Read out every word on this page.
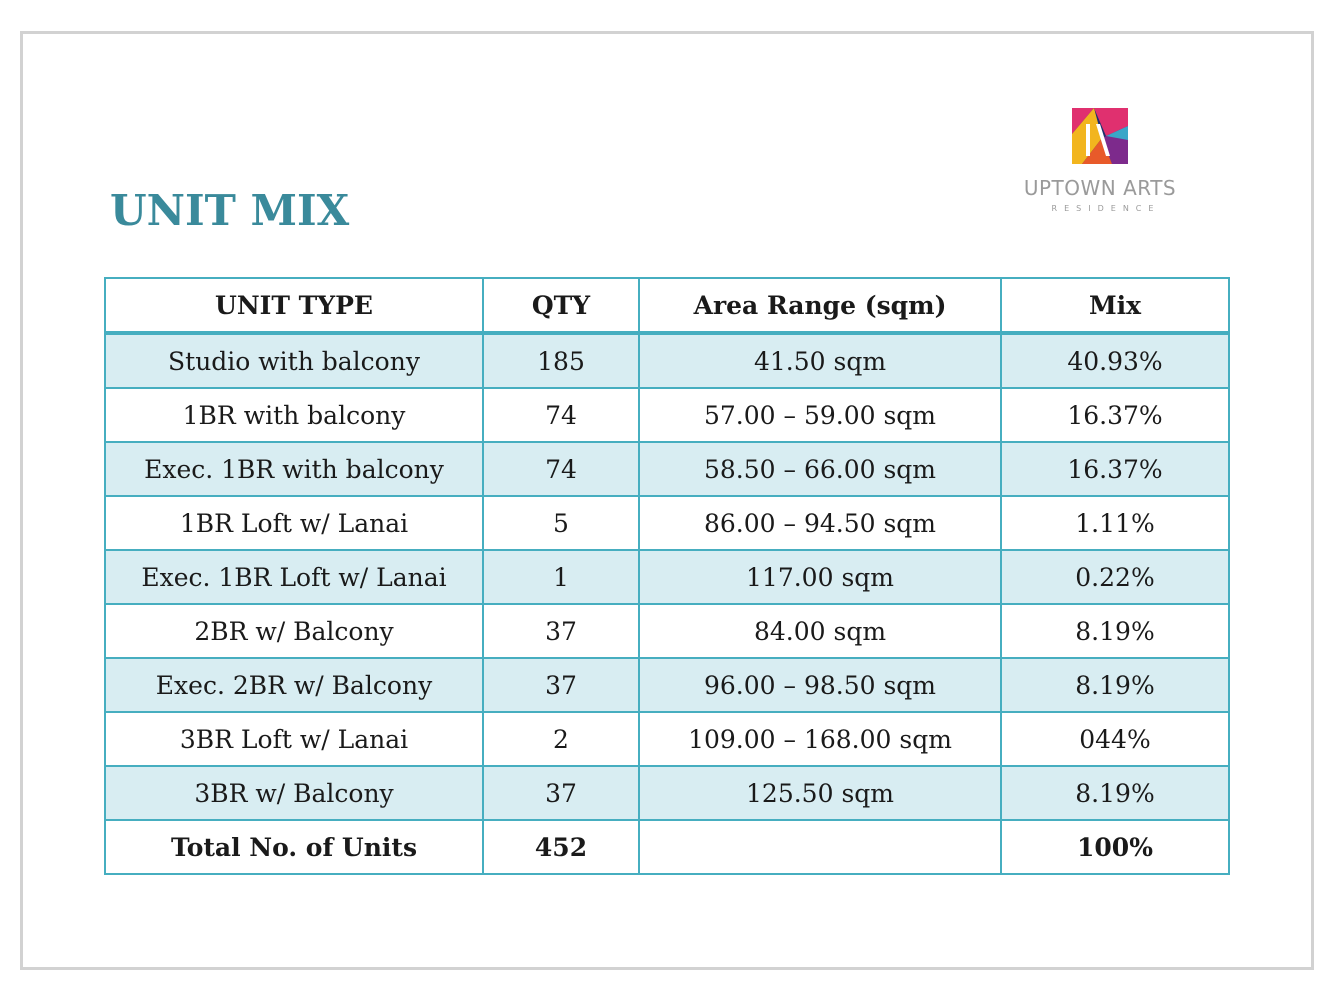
UNIT MIX	UPTOWN ARTS
RESIDENCE
UNIT TYPE	QTY	Area Range (sqm)	Mix
Studio with balcony	185	41.50 sqm	40.93%
1BR with balcony	74	57.00 – 59.00 sqm	16.37%
Exec. 1BR with balcony	74	58.50 – 66.00 sqm	16.37%
1BR Loft w/ Lanai	5	86.00 – 94.50 sqm	1.11%
Exec. 1BR Loft w/ Lanai	1	117.00 sqm	0.22%
2BR w/ Balcony	37	84.00 sqm	8.19%
Exec. 2BR w/ Balcony	37	96.00 – 98.50 sqm	8.19%
3BR Loft w/ Lanai	2	109.00 – 168.00 sqm	044%
3BR w/ Balcony	37	125.50 sqm	8.19%
Total No. of Units	452		100%
